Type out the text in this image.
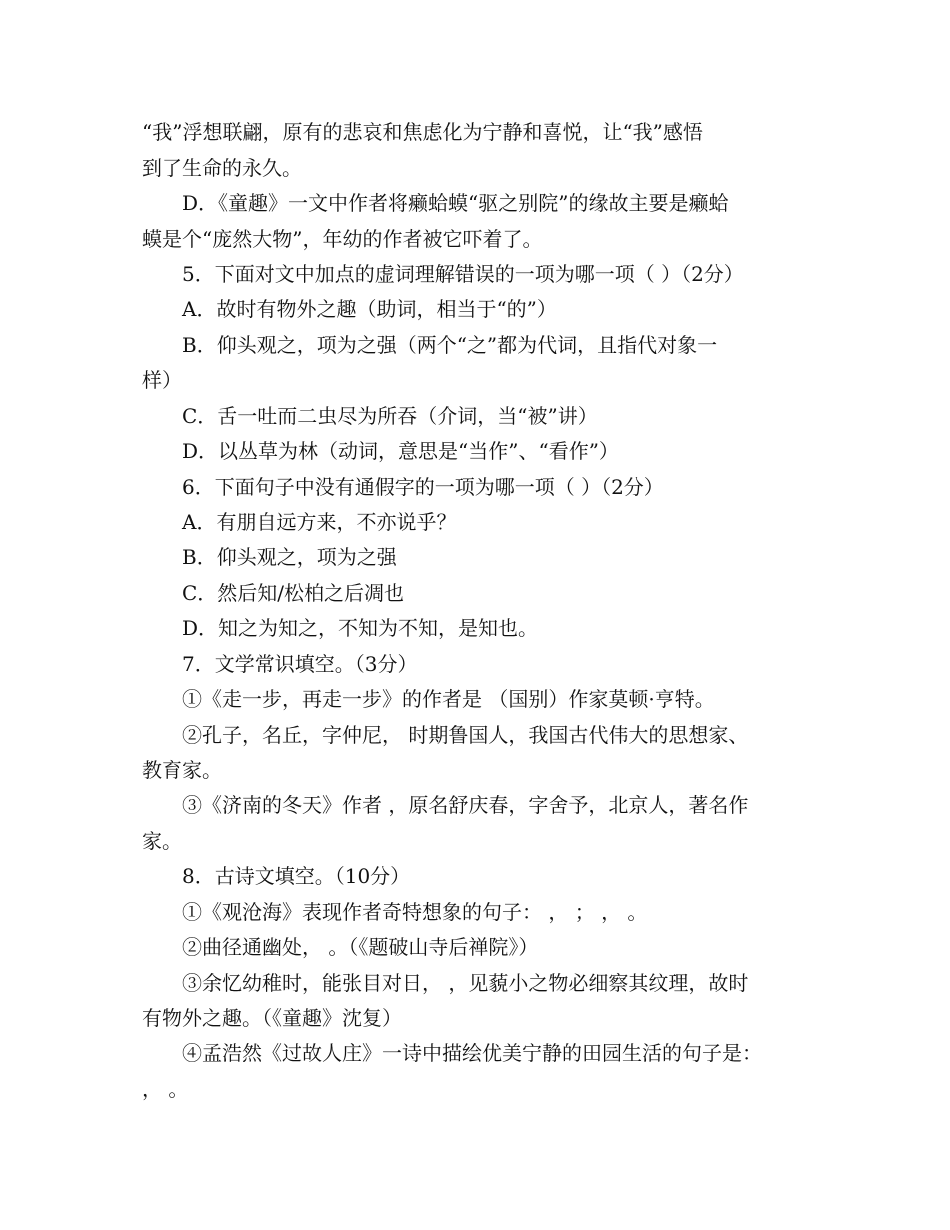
“我”浮想联翩，原有的悲哀和焦虑化为宁静和喜悦，让“我”感悟
到了生命的永久。
D．《童趣》一文中作者将癞蛤蟆“驱之别院”的缘故主要是癞蛤
蟆是个“庞然大物”，年幼的作者被它吓着了。
5．下面对文中加点的虚词理解错误的一项为哪一项（ ）（2分）
A．故时有物外之趣（助词，相当于“的”）
B．仰头观之，项为之强（两个“之”都为代词，且指代对象一
样）
C．舌一吐而二虫尽为所吞（介词，当“被”讲）
D．以丛草为林（动词，意思是“当作”、“看作”）
6．下面句子中没有通假字的一项为哪一项（ ）（2分）
A．有朋自远方来，不亦说乎？
B．仰头观之，项为之强
C．然后知/松柏之后凋也
D．知之为知之，不知为不知，是知也。
7．文学常识填空。（3分）
①《走一步，再走一步》的作者是 （国别）作家莫顿·亨特。
②孔子，名丘，字仲尼， 时期鲁国人，我国古代伟大的思想家、
教育家。
③《济南的冬天》作者 ，原名舒庆春，字舍予，北京人，著名作
家。
8．古诗文填空。（10分）
①《观沧海》表现作者奇特想象的句子： ， ； ， 。
②曲径通幽处， 。（《题破山寺后禅院》）
③余忆幼稚时，能张目对日， ，见藐小之物必细察其纹理，故时
有物外之趣。（《童趣》沈复）
④孟浩然《过故人庄》一诗中描绘优美宁静的田园生活的句子是：
， 。
